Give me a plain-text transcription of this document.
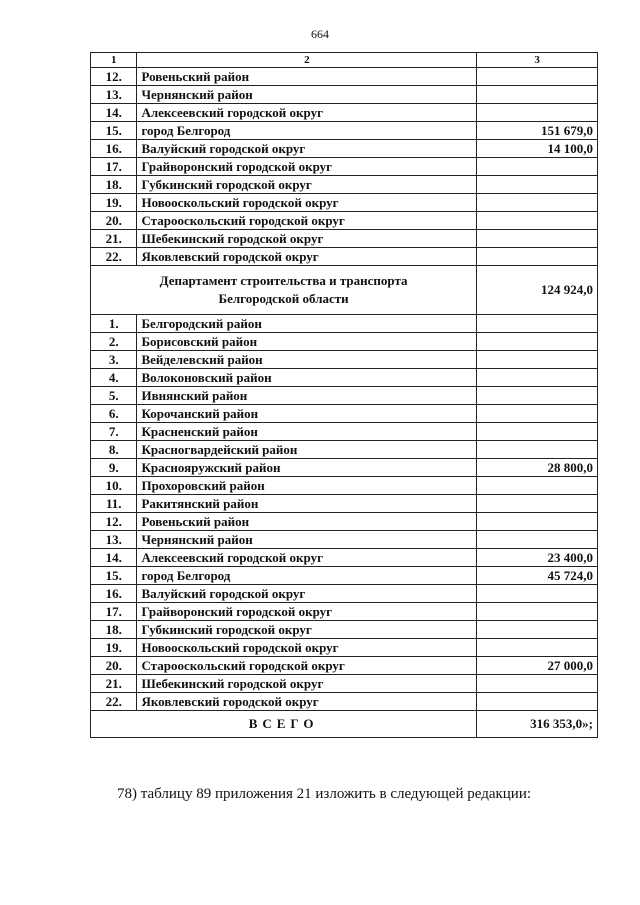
664
1	2	3
12.	Ровеньский район	
13.	Чернянский район	
14.	Алексеевский городской округ	
15.	город Белгород	151 679,0
16.	Валуйский городской округ	14 100,0
17.	Грайворонский городской округ	
18.	Губкинский городской округ	
19.	Новооскольский городской округ	
20.	Старооскольский городской округ	
21.	Шебекинский городской округ	
22.	Яковлевский городской округ	

Департамент строительства и транспорта
Белгородской области		124 924,0
1.	Белгородский район	
2.	Борисовский район	
3.	Вейделевский район	
4.	Волоконовский район	
5.	Ивнянский район	
6.	Корочанский район	
7.	Красненский район	
8.	Красногвардейский район	
9.	Краснояружский район	28 800,0
10.	Прохоровский район	
11.	Ракитянский район	
12.	Ровеньский район	
13.	Чернянский район	
14.	Алексеевский городской округ	23 400,0
15.	город Белгород	45 724,0
16.	Валуйский городской округ	
17.	Грайворонский городской округ	
18.	Губкинский городской округ	
19.	Новооскольский городской округ	
20.	Старооскольский городской округ	27 000,0
21.	Шебекинский городской округ	
22.	Яковлевский городской округ	
ВСЕГО		316 353,0»;
78) таблицу 89 приложения 21 изложить в следующей редакции:
